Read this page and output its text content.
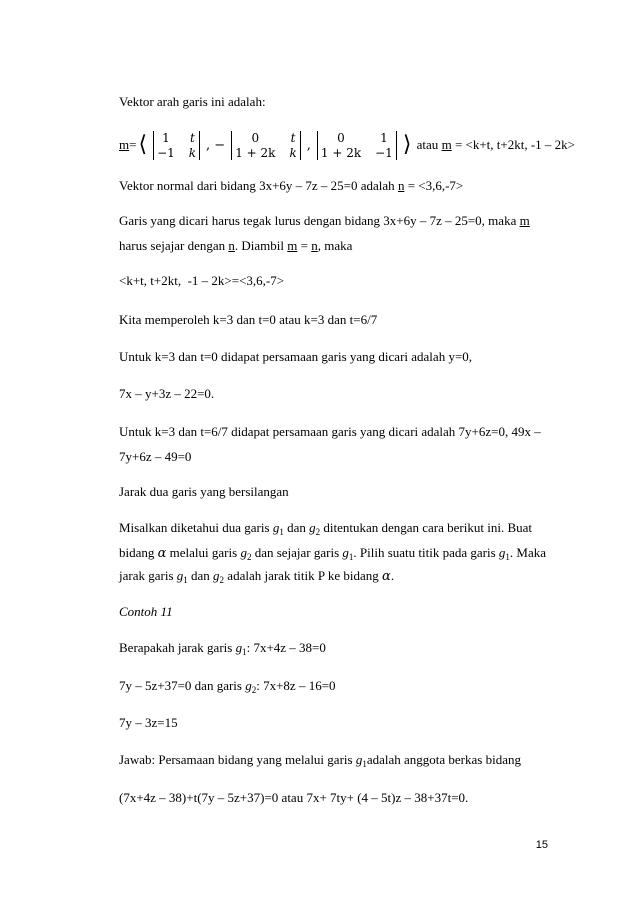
Vektor arah garis ini adalah:
m = ⟨	1	t
−1 k , −	0	t
1 + 2k k ,	0	1
1 + 2k −1 ⟩ atau m = <k+t, t+2kt, -1 – 2k>
Vektor normal dari bidang 3x+6y – 7z – 25=0 adalah n = <3,6,-7>
Garis yang dicari harus tegak lurus dengan bidang 3x+6y – 7z – 25=0, maka m
harus sejajar dengan n. Diambil m = n, maka
<k+t, t+2kt,  -1 – 2k>=<3,6,-7>
Kita memperoleh k=3 dan t=0 atau k=3 dan t=6/7
Untuk k=3 dan t=0 didapat persamaan garis yang dicari adalah y=0,
7x – y+3z – 22=0.
Untuk k=3 dan t=6/7 didapat persamaan garis yang dicari adalah 7y+6z=0, 49x –
7y+6z – 49=0
Jarak dua garis yang bersilangan
Misalkan diketahui dua garis $g_1$ dan $g_2$ ditentukan dengan cara berikut ini. Buat
bidang α melalui garis $g_2$ dan sejajar garis $g_1$. Pilih suatu titik pada garis $g_1$. Maka
jarak garis $g_1$ dan $g_2$ adalah jarak titik P ke bidang α.
Contoh 11
Berapakah jarak garis $g_1$: 7x+4z – 38=0
7y – 5z+37=0 dan garis $g_2$: 7x+8z – 16=0
7y – 3z=15
Jawab: Persamaan bidang yang melalui garis $g_1adalah$ anggota berkas bidang
(7x+4z – 38)+t(7y – 5z+37)=0 atau 7x+ 7ty+ (4 – 5t)z – 38+37t=0.
15
